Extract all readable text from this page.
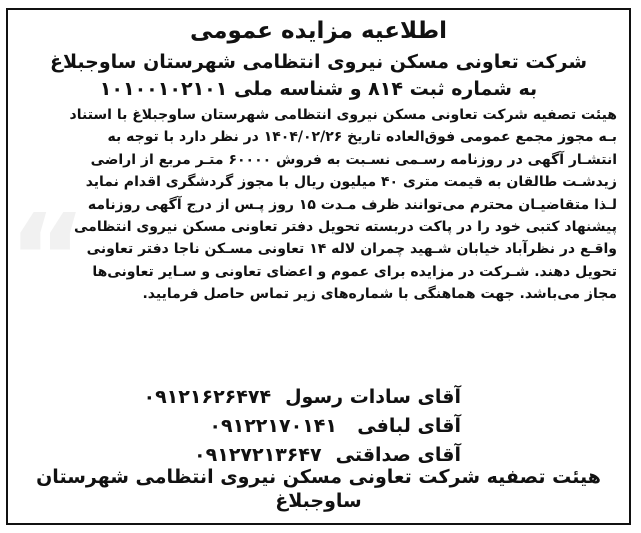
“
اطلاعیه مزایده عمومی
شرکت تعاونی مسکن نیروی انتظامی شهرستان ساوجبلاغ
به شماره ثبت ۸۱۴ و شناسه ملی ۱۰۱۰۰۱۰۲۱۰۱
هیئت تصفیه شرکت تعاونی مسکن نیروی انتظامی شهرستان ساوجبلاغ با استناد
بـه مجوز مجمع عمومی فوق‌العاده تاریخ ۱۴۰۴/۰۲/۲۶ در نظر دارد با توجه به
انتشـار آگهی در روزنامه رسـمی نسـبت به فروش ۶۰۰۰۰ متـر مربع از اراضی
زیدشـت طالقان به قیمت متری ۴۰ میلیون ریال با مجوز گردشگری اقدام نماید
لـذا متقاضیـان محترم می‌توانند ظرف مـدت ۱۵ روز پـس از درج آگهی روزنامه
پیشنهاد کتبی خود را در پاکت دربسته تحویل دفتر تعاونی مسکن نیروی انتظامی
واقـع در نظرآباد خیابان شـهید چمران لاله ۱۴ تعاونی مسـکن ناجا دفتر تعاونی
تحویل دهند. شـرکت در مزایده برای عموم و اعضای تعاونی و سـایر تعاونی‌ها
مجاز می‌باشد. جهت هماهنگی با شماره‌های زیر تماس حاصل فرمایید.
آقای سادات رسول
۰۹۱۲۱۶۲۶۴۷۴
آقای لبافی
۰۹۱۲۲۱۷۰۱۴۱
آقای صداقتی
۰۹۱۲۷۲۱۳۶۴۷
هیئت تصفیه شرکت تعاونی مسکن نیروی انتظامی شهرستان ساوجبلاغ
